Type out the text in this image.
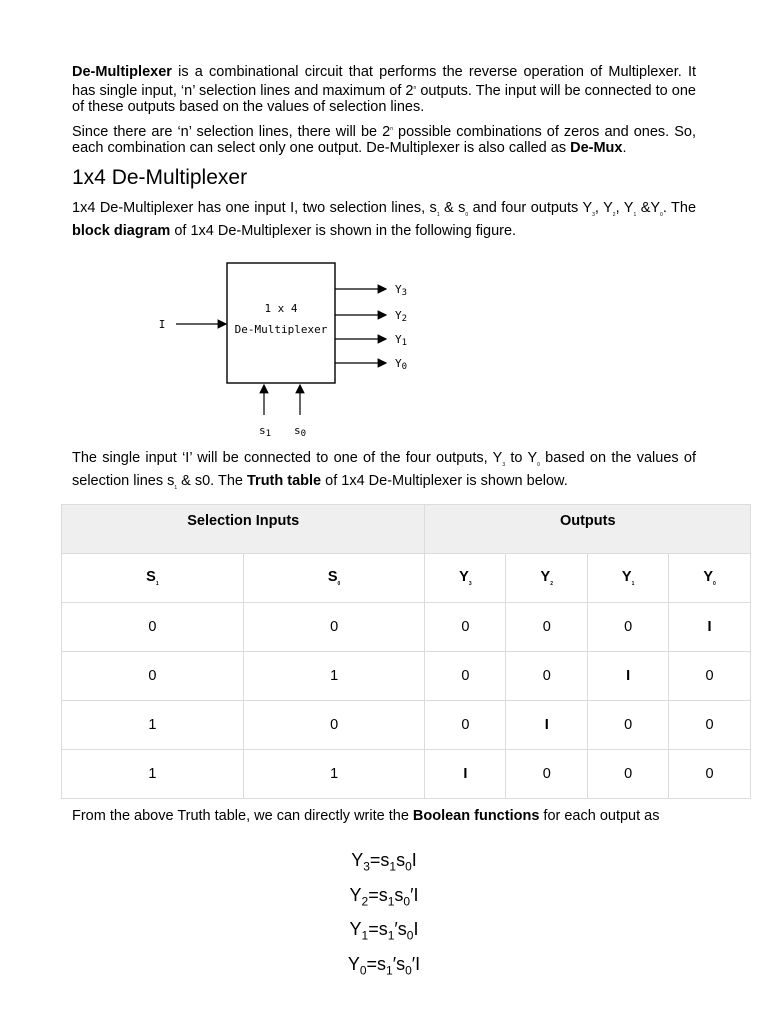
De-Multiplexer is a combinational circuit that performs the reverse operation of Multiplexer. It has single input, ‘n’ selection lines and maximum of 2$^n$ outputs. The input will be connected to one of these outputs based on the values of selection lines.

Since there are ‘n’ selection lines, there will be 2$^n$ possible combinations of zeros and ones. So, each combination can select only one output. De-Multiplexer is also called as De-Mux.

1x4 De-Multiplexer

1x4 De-Multiplexer has one input I, two selection lines, $s_1$ & $s_0$ and four outputs $Y_3$, $Y_2$, $Y_1$ $\&Y_0$. The block diagram of 1x4 De-Multiplexer is shown in the following figure.

1 x 4
De-Multiplexer
I
Y3
Y2
Y1
Y0
s1 s0

The single input ‘I’ will be connected to one of the four outputs, $Y_3$ to $Y_0$ based on the values of selection lines $s_1$ & s0. The Truth table of 1x4 De-Multiplexer is shown below.

Selection Inputs		Outputs			
$S_1$	$S_0$	$Y_3$	$Y_2$	$Y_1$	$Y_0$
0	0	0	0	0	I
0	1	0	0	I	0
1	0	0	I	0	0
1	1	I	0	0	0

From the above Truth table, we can directly write the Boolean functions for each output as

$Y_3=s_1s_0I$
$Y_2=s_1s_0'I$
$Y_1=s_1's_0I$
$Y_0=s_1's_0'I$
